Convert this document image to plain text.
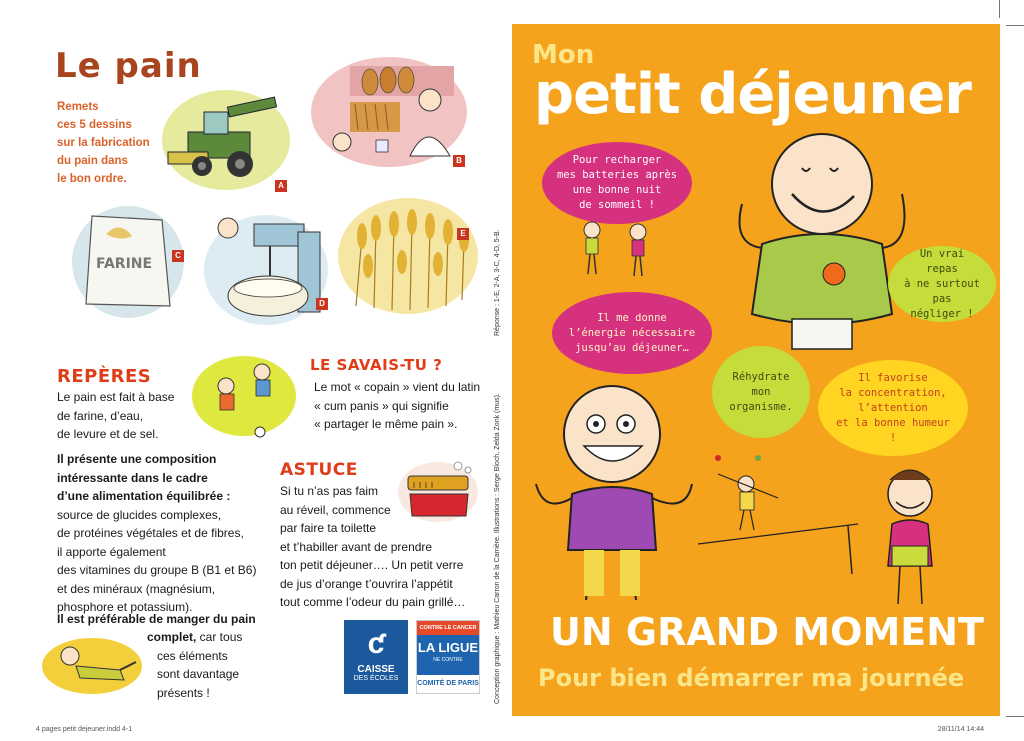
Le pain
Remets
ces 5 dessins
sur la fabrication
du pain dans
le bon ordre.
A
B
FARINE
C
D
E
REPÈRES
Le pain est fait à base
de farine, d’eau,
de levure et de sel.
Il présente une composition
intéressante dans le cadre
d’une alimentation équilibrée :
source de glucides complexes,
de protéines végétales et de fibres,
il apporte également
des vitamines du groupe B (B1 et B6)
et des minéraux (magnésium,
phosphore et potassium).
Il est préférable de manger du pain
complet, car tous
ces éléments
sont davantage
présents !
LE SAVAIS-TU ?
Le mot « copain » vient du latin
« cum panis » qui signifie
« partager le même pain ».
ASTUCE
Si tu n’as pas faim
au réveil, commence
par faire ta toilette
et t’habiller avant de prendre
ton petit déjeuner…. Un petit verre
de jus d’orange t’ouvrira l’appétit
tout comme l’odeur du pain grillé…
ƈ
CAISSE
DES ÉCOLES
CONTRE LE CANCER
LA LIGUE
NE CONTRE
COMITÉ DE PARIS
Réponse : 1-E, 2-A, 3-C, 4-D, 5-B.
Conception graphique : Mathieu Carron de la Carrière. Illustrations : Serge Bloch, Zelda Zonk (mus).
Mon
petit déjeuner
Pour recharger
mes batteries après
une bonne nuit
de sommeil !
Un vrai repas
à ne surtout pas
négliger !
Il me donne
l’énergie nécessaire
jusqu’au déjeuner…
Réhydrate
mon
organisme.
Il favorise
la concentration,
l’attention
et la bonne humeur !
UN GRAND MOMENT
Pour bien démarrer ma journée
4 pages petit dejeuner.indd 4-1	28/11/14 14:44
